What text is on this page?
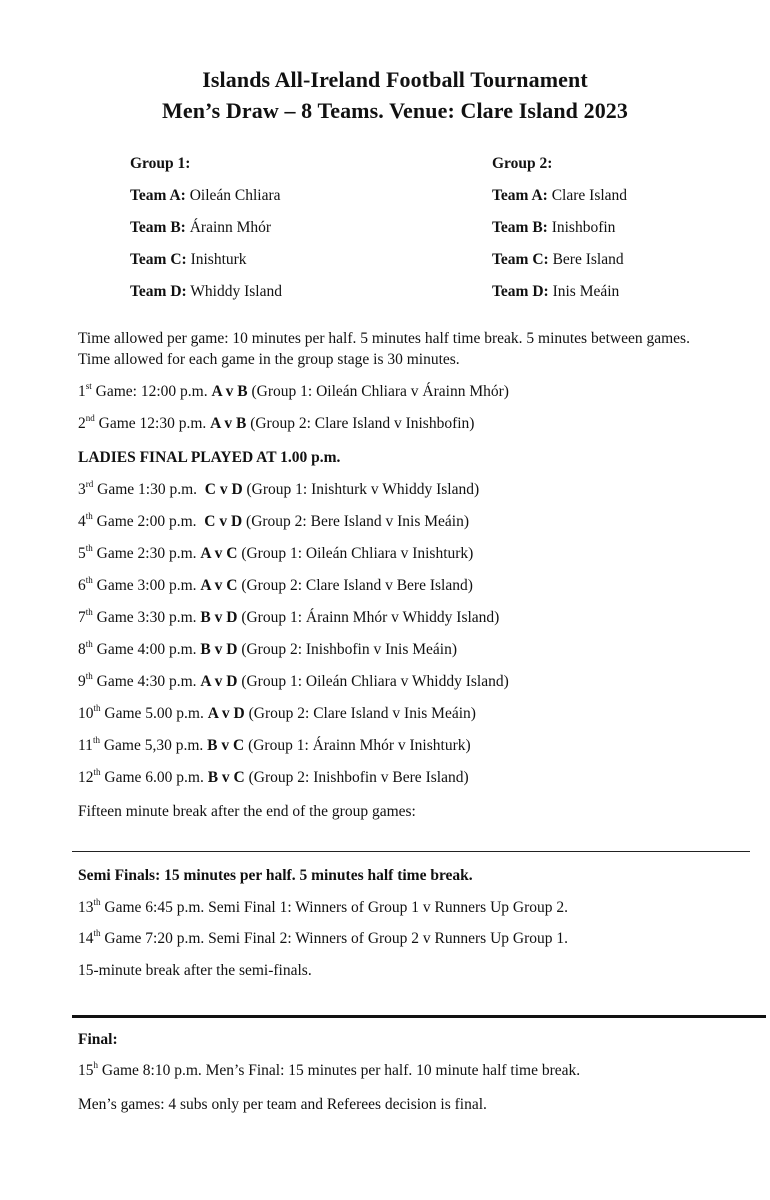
Islands All-Ireland Football Tournament
Men’s Draw – 8 Teams. Venue: Clare Island 2023
Group 1:
Team A: Oileán Chliara
Team B: Árainn Mhór
Team C: Inishturk
Team D: Whiddy Island
Group 2:
Team A: Clare Island
Team B: Inishbofin
Team C: Bere Island
Team D: Inis Meáin
Time allowed per game: 10 minutes per half. 5 minutes half time break. 5 minutes between games.
Time allowed for each game in the group stage is 30 minutes.
1st Game: 12:00 p.m. A v B (Group 1: Oileán Chliara v Árainn Mhór)
2nd Game 12:30 p.m. A v B (Group 2: Clare Island v Inishbofin)
LADIES FINAL PLAYED AT 1.00 p.m.
3rd Game 1:30 p.m.  C v D (Group 1: Inishturk v Whiddy Island)
4th Game 2:00 p.m.  C v D (Group 2: Bere Island v Inis Meáin)
5th Game 2:30 p.m. A v C (Group 1: Oileán Chliara v Inishturk)
6th Game 3:00 p.m. A v C (Group 2: Clare Island v Bere Island)
7th Game 3:30 p.m. B v D (Group 1: Árainn Mhór v Whiddy Island)
8th Game 4:00 p.m. B v D (Group 2: Inishbofin v Inis Meáin)
9th Game 4:30 p.m. A v D (Group 1: Oileán Chliara v Whiddy Island)
10th Game 5.00 p.m. A v D (Group 2: Clare Island v Inis Meáin)
11th Game 5,30 p.m. B v C (Group 1: Árainn Mhór v Inishturk)
12th Game 6.00 p.m. B v C (Group 2: Inishbofin v Bere Island)
Fifteen minute break after the end of the group games:
Semi Finals: 15 minutes per half. 5 minutes half time break.
13th Game 6:45 p.m. Semi Final 1: Winners of Group 1 v Runners Up Group 2.
14th Game 7:20 p.m. Semi Final 2: Winners of Group 2 v Runners Up Group 1.
15-minute break after the semi-finals.
Final:
15$^h$ Game 8:10 p.m. Men’s Final: 15 minutes per half. 10 minute half time break.
Men’s games: 4 subs only per team and Referees decision is final.
